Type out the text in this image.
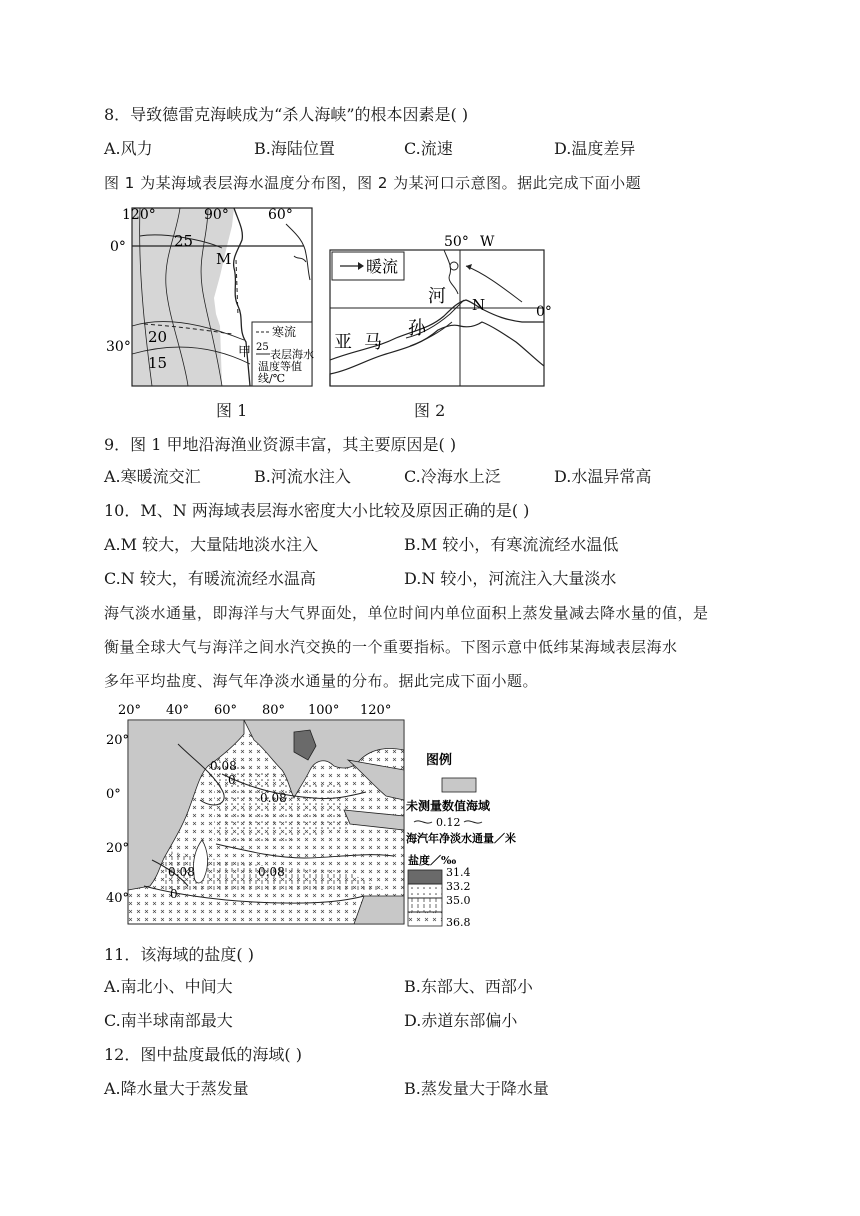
8．导致德雷克海峡成为“杀人海峡”的根本因素是( )
A.风力	B.海陆位置	C.流速	D.温度差异
图 1 为某海域表层海水温度分布图，图 2 为某河口示意图。据此完成下面小题
120°	90°	60°
0°
30°
25
20
15
M
甲
寒流
25
表层海水
温度等值
线/℃
图 1
50° W
0°
暖流
N
河
孙
亚 马
图 2
9．图 1 甲地沿海渔业资源丰富，其主要原因是( )
A.寒暖流交汇	B.河流水注入	C.冷海水上泛	D.水温异常高
10．M、N 两海域表层海水密度大小比较及原因正确的是( )
A.M 较大，大量陆地淡水注入	B.M 较小，有寒流流经水温低
C.N 较大，有暖流流经水温高	D.N 较小，河流注入大量淡水
海气淡水通量，即海洋与大气界面处，单位时间内单位面积上蒸发量减去降水量的值，是
衡量全球大气与海洋之间水汽交换的一个重要指标。下图示意中低纬某海域表层海水
多年平均盐度、海气年净淡水通量的分布。据此完成下面小题。
20° 40° 60° 80° 100° 120°
20°
0°
20°
40°
0.08
0.08
0.08	0.08
0
0
图例
未测量数值海域
0.12
海汽年净淡水通量／米
盐度／‰
31.4
33.2
35.0
36.8
11．该海域的盐度( )
A.南北小、中间大	B.东部大、西部小
C.南半球南部最大	D.赤道东部偏小
12．图中盐度最低的海域( )
A.降水量大于蒸发量	B.蒸发量大于降水量
